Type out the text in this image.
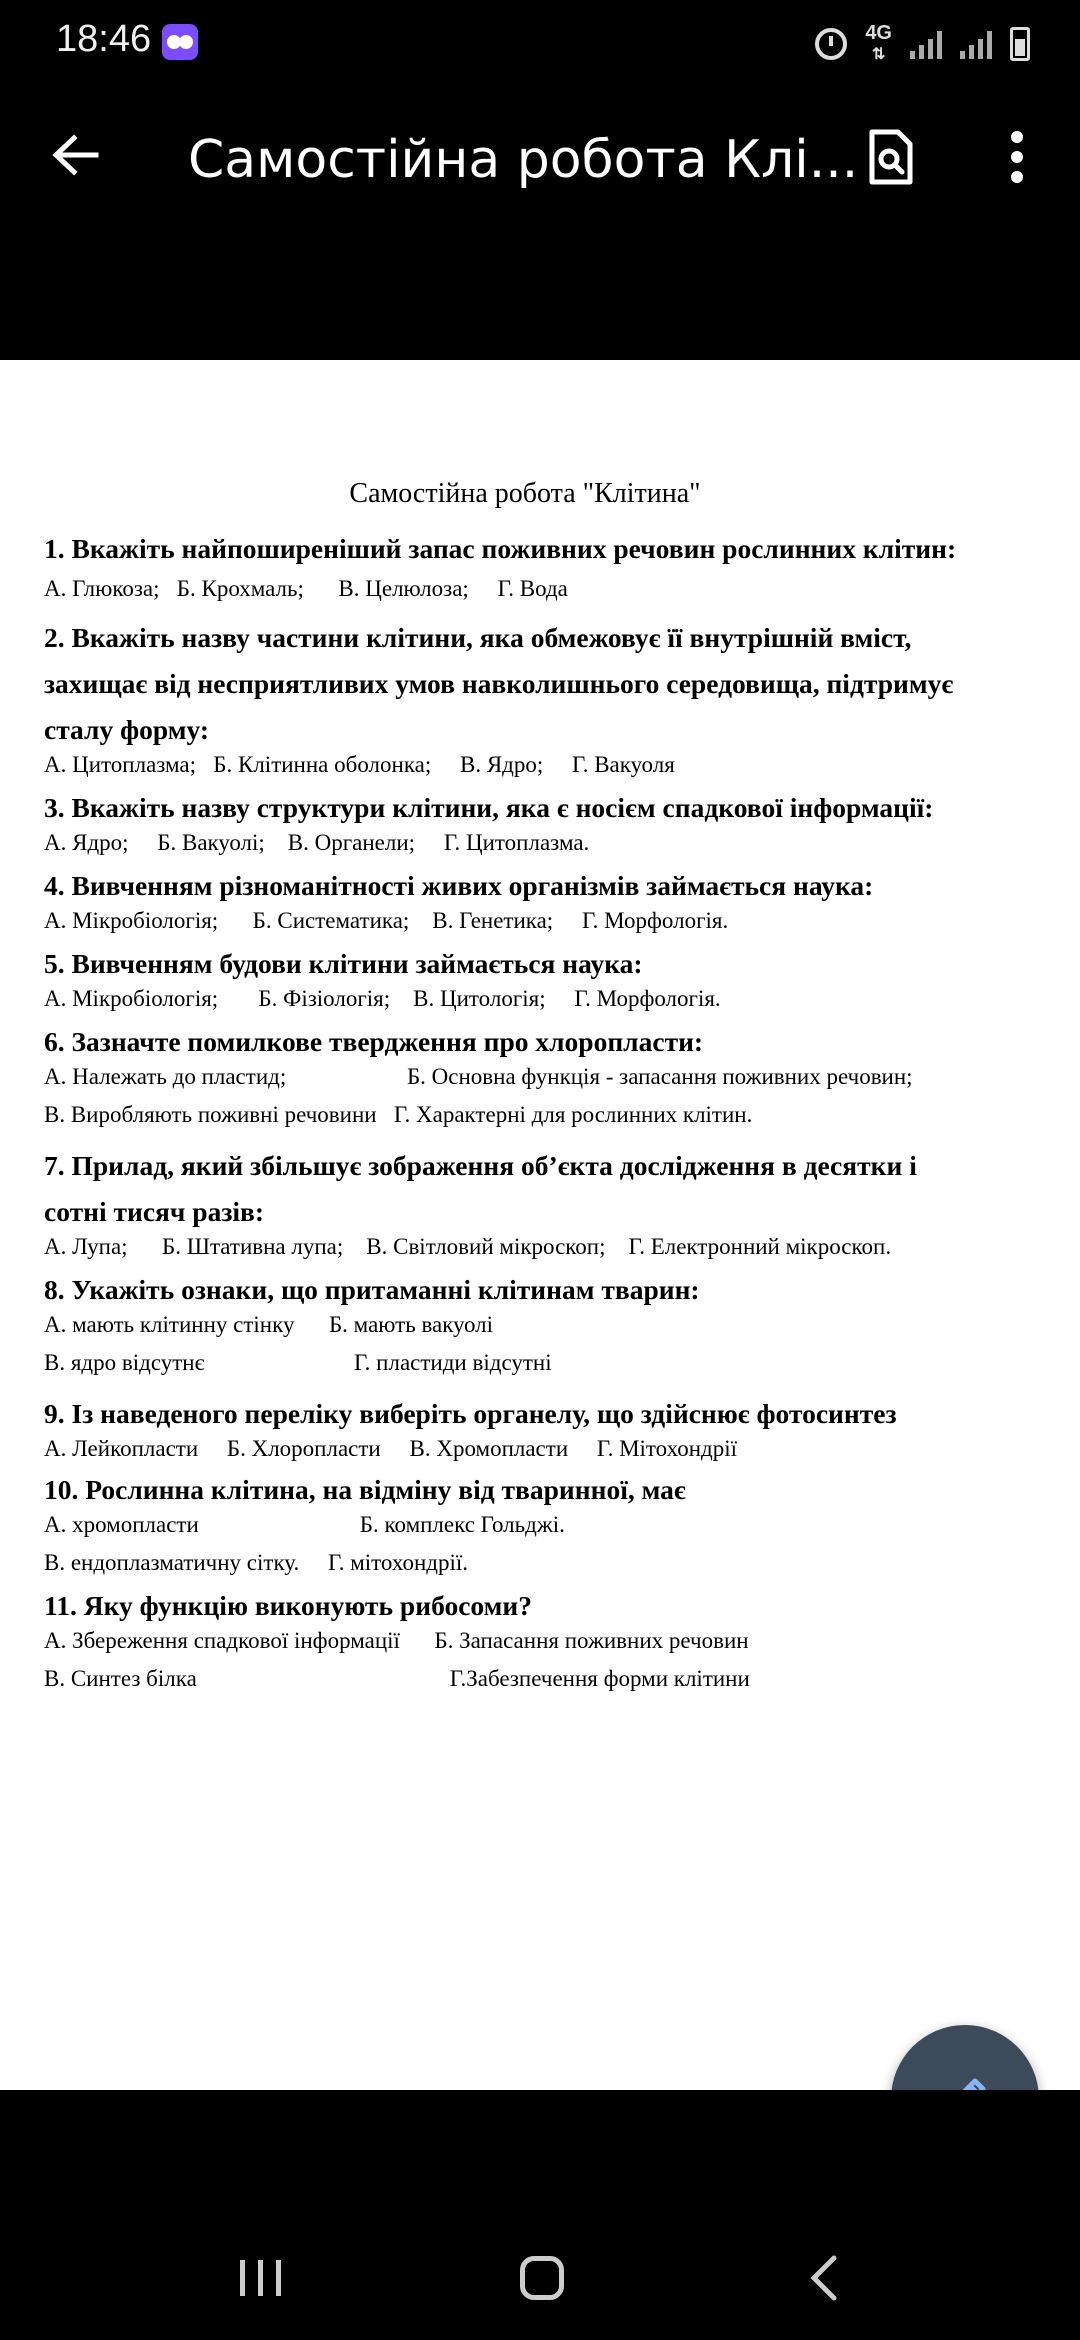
18:46	4G
⇅
Самостійна робота Клі...
Самостійна робота "Клітина"
1. Вкажіть найпоширеніший запас поживних речовин рослинних клітин:
А. Глюкоза;   Б. Крохмаль;      В. Целюлоза;     Г. Вода
2. Вкажіть назву частини клітини, яка обмежовує її внутрішній вміст,
захищає від несприятливих умов навколишнього середовища, підтримує
сталу форму:
А. Цитоплазма;   Б. Клітинна оболонка;     В. Ядро;     Г. Вакуоля
3. Вкажіть назву структури клітини, яка є носієм спадкової інформації:
А. Ядро;     Б. Вакуолі;    В. Органели;     Г. Цитоплазма.
4. Вивченням різноманітності живих організмів займається наука:
А. Мікробіологія;      Б. Систематика;    В. Генетика;     Г. Морфологія.
5. Вивченням будови клітини займається наука:
А. Мікробіологія;       Б. Фізіологія;    В. Цитологія;     Г. Морфологія.
6. Зазначте помилкове твердження про хлоропласти:
А. Належать до пластид;                     Б. Основна функція - запасання поживних речовин;
В. Виробляють поживні речовини   Г. Характерні для рослинних клітин.
7. Прилад, який збільшує зображення об’єкта дослідження в десятки і
сотні тисяч разів:
А. Лупа;      Б. Штативна лупа;    В. Світловий мікроскоп;    Г. Електронний мікроскоп.
8. Укажіть ознаки, що притаманні клітинам тварин:
А. мають клітинну стінку      Б. мають вакуолі
В. ядро відсутнє                          Г. пластиди відсутні
9. Із наведеного переліку виберіть органелу, що здійснює фотосинтез
А. Лейкопласти     Б. Хлоропласти     В. Хромопласти     Г. Мітохондрії
10. Рослинна клітина, на відміну від тваринної, має
А. хромопласти                            Б. комплекс Гольджі.
В. ендоплазматичну сітку.     Г. мітохондрії.
11. Яку функцію виконують рибосоми?
А. Збереження спадкової інформації      Б. Запасання поживних речовин
В. Синтез білка                                            Г.Забезпечення форми клітини
